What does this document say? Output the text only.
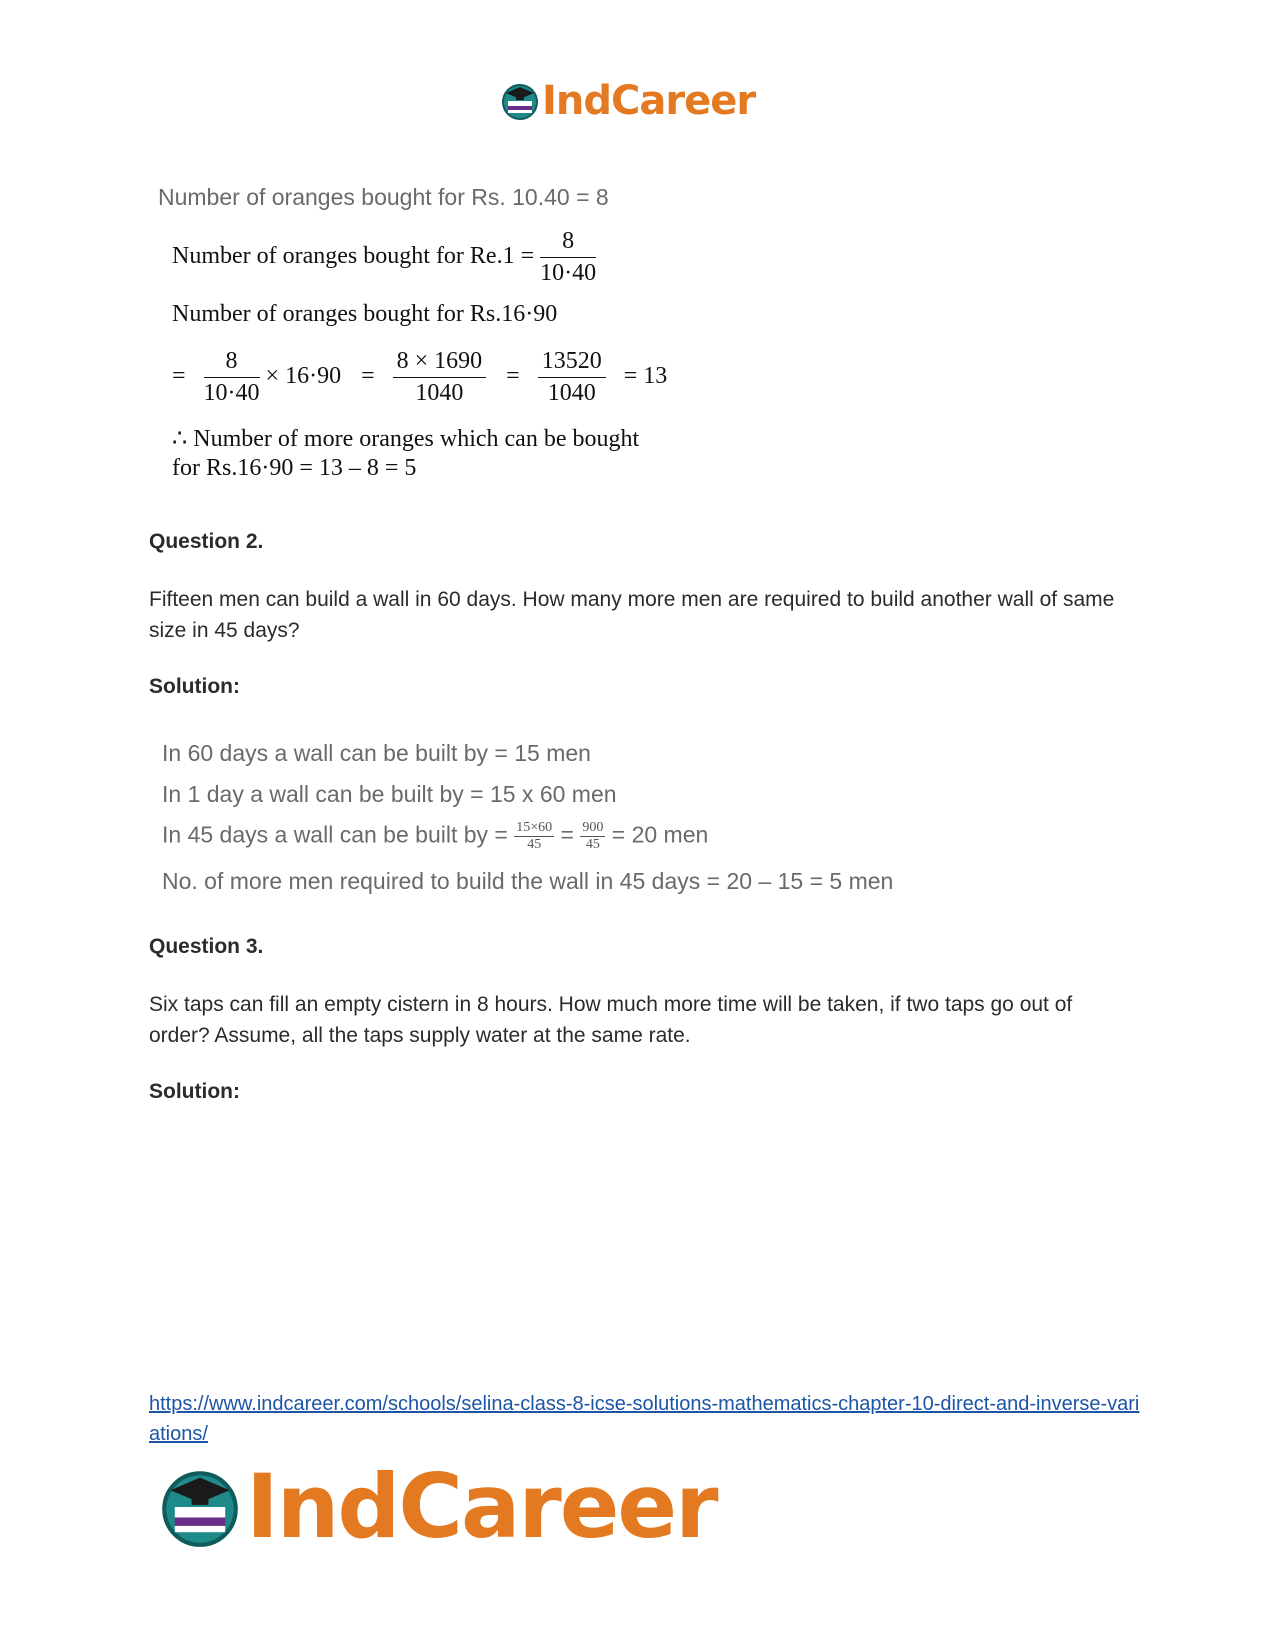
IndCareer
Number of oranges bought for Rs. 10.40 = 8
Number of oranges bought for $Re.1 = \frac{8}{10\cdot 40}$
Number of oranges bought for Rs.16·90
= $\frac{8}{10\cdot 40} \times 16\cdot 90 = \frac{8 \times 1690}{1040} = \frac{13520}{1040} = 13$
∴ Number of more oranges which can be bought
for Rs.16·90 = 13 – 8 = 5
Question 2.
Fifteen men can build a wall in 60 days. How many more men are required to build another wall of same size in 45 days?
Solution:
In 60 days a wall can be built by = 15 men
In 1 day a wall can be built by = 15 x 60 men
In 45 days a wall can be built by = $\frac{15\times 60}{45} = \frac{900}{45} = 20$ men
No. of more men required to build the wall in 45 days = 20 – 15 = 5 men
Question 3.
Six taps can fill an empty cistern in 8 hours. How much more time will be taken, if two taps go out of order? Assume, all the taps supply water at the same rate.
Solution:
https://www.indcareer.com/schools/selina-class-8-icse-solutions-mathematics-chapter-10-direct-and-inverse-variations/
IndCareer
